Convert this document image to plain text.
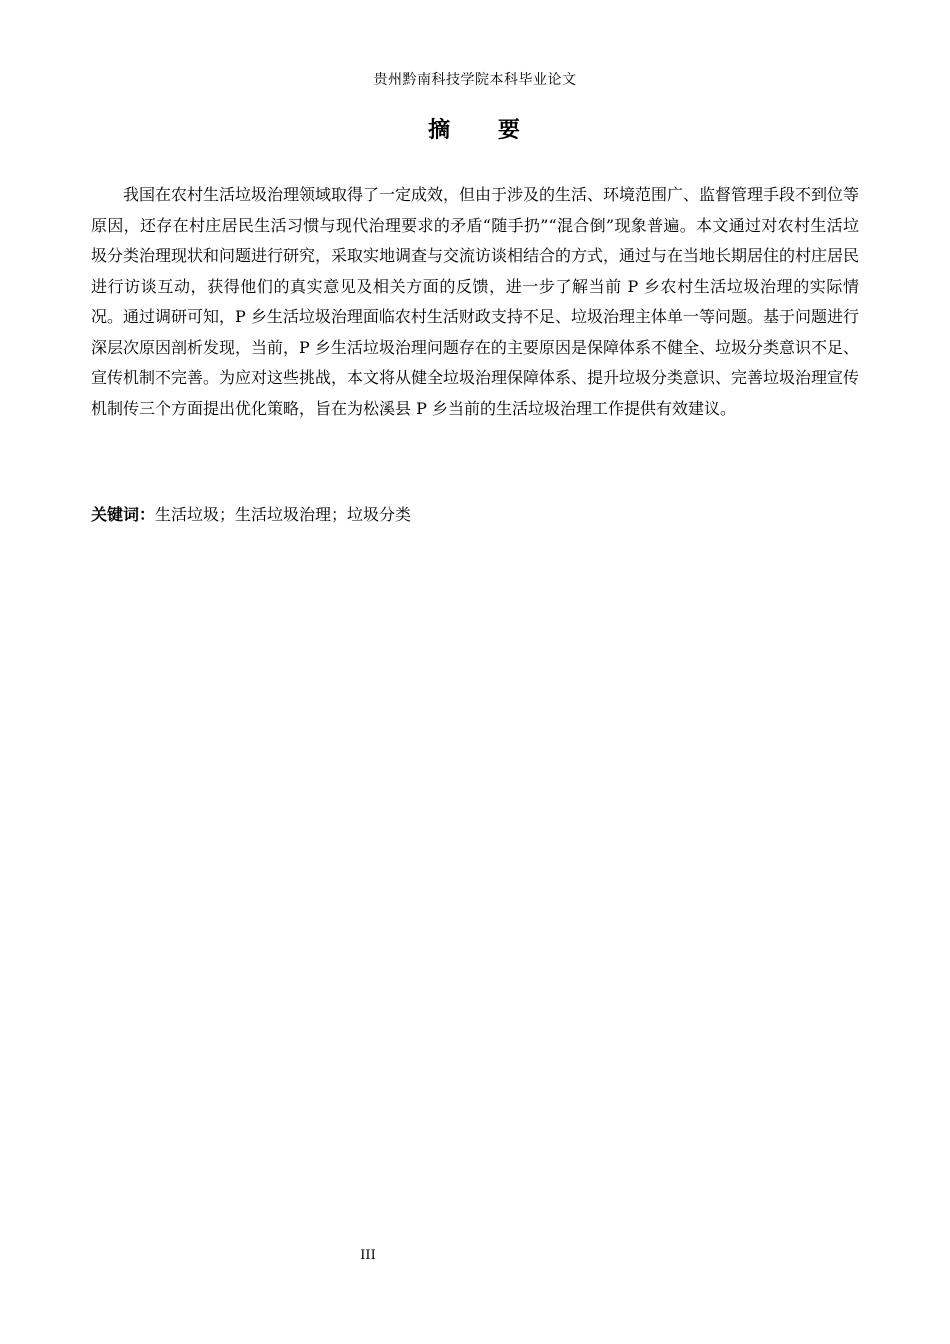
贵州黔南科技学院本科毕业论文
摘 要

我国在农村生活垃圾治理领域取得了一定成效，但由于涉及的生活、环境范围广、监督管理手段不到位等原因，还存在村庄居民生活习惯与现代治理要求的矛盾“随手扔”“混合倒”现象普遍。本文通过对农村生活垃圾分类治理现状和问题进行研究，采取实地调查与交流访谈相结合的方式，通过与在当地长期居住的村庄居民进行访谈互动，获得他们的真实意见及相关方面的反馈，进一步了解当前 P 乡农村生活垃圾治理的实际情况。通过调研可知，P 乡生活垃圾治理面临农村生活财政支持不足、垃圾治理主体单一等问题。基于问题进行深层次原因剖析发现，当前，P 乡生活垃圾治理问题存在的主要原因是保障体系不健全、垃圾分类意识不足、宣传机制不完善。为应对这些挑战，本文将从健全垃圾治理保障体系、提升垃圾分类意识、完善垃圾治理宣传机制传三个方面提出优化策略，旨在为松溪县 P 乡当前的生活垃圾治理工作提供有效建议。

关键词：生活垃圾；生活垃圾治理；垃圾分类

III
